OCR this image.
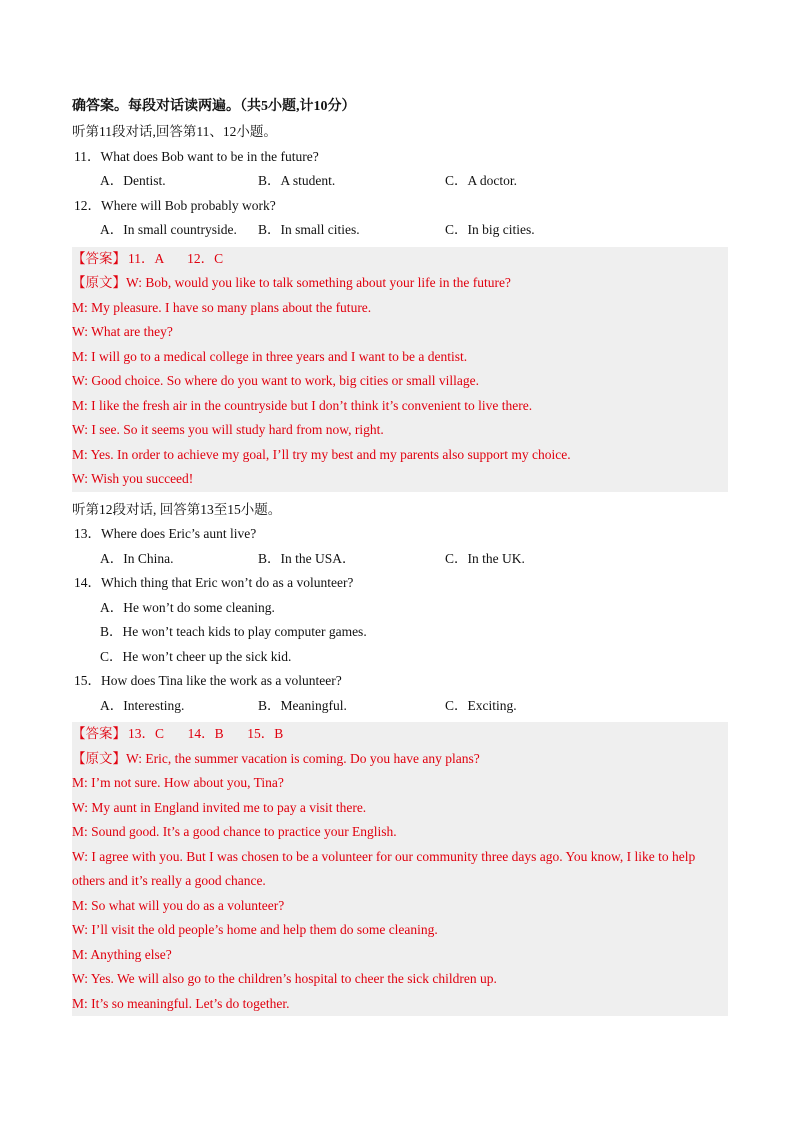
确答案。每段对话读两遍。（共5小题,计10分）
听第11段对话,回答第11、12小题。
11．What does Bob want to be in the future?
A．Dentist.	B．A student.	C．A doctor.
12．Where will Bob probably work?
A．In small countryside.	B．In small cities.	C．In big cities.
【答案】 11．A       12．C
【原文】W: Bob, would you like to talk something about your life in the future?
M: My pleasure. I have so many plans about the future.
W: What are they?
M: I will go to a medical college in three years and I want to be a dentist.
W: Good choice. So where do you want to work, big cities or small village.
M: I like the fresh air in the countryside but I don’t think it’s convenient to live there.
W: I see. So it seems you will study hard from now, right.
M: Yes. In order to achieve my goal, I’ll try my best and my parents also support my choice.
W: Wish you succeed!
听第12段对话, 回答第13至15小题。
13．Where does Eric’s aunt live?
A．In China.	B．In the USA．	C．In the UK.
14．Which thing that Eric won’t do as a volunteer?
A．He won’t do some cleaning.
B．He won’t teach kids to play computer games.
C．He won’t cheer up the sick kid.
15．How does Tina like the work as a volunteer?
A．Interesting.	B．Meaningful.	C．Exciting.
【答案】 13．C       14．B       15．B
【原文】W: Eric, the summer vacation is coming. Do you have any plans?
M: I’m not sure. How about you, Tina?
W: My aunt in England invited me to pay a visit there.
M: Sound good. It’s a good chance to practice your English.
W: I agree with you. But I was chosen to be a volunteer for our community three days ago. You know, I like to help others and it’s really a good chance.
M: So what will you do as a volunteer?
W: I’ll visit the old people’s home and help them do some cleaning.
M: Anything else?
W: Yes. We will also go to the children’s hospital to cheer the sick children up.
M: It’s so meaningful. Let’s do together.
